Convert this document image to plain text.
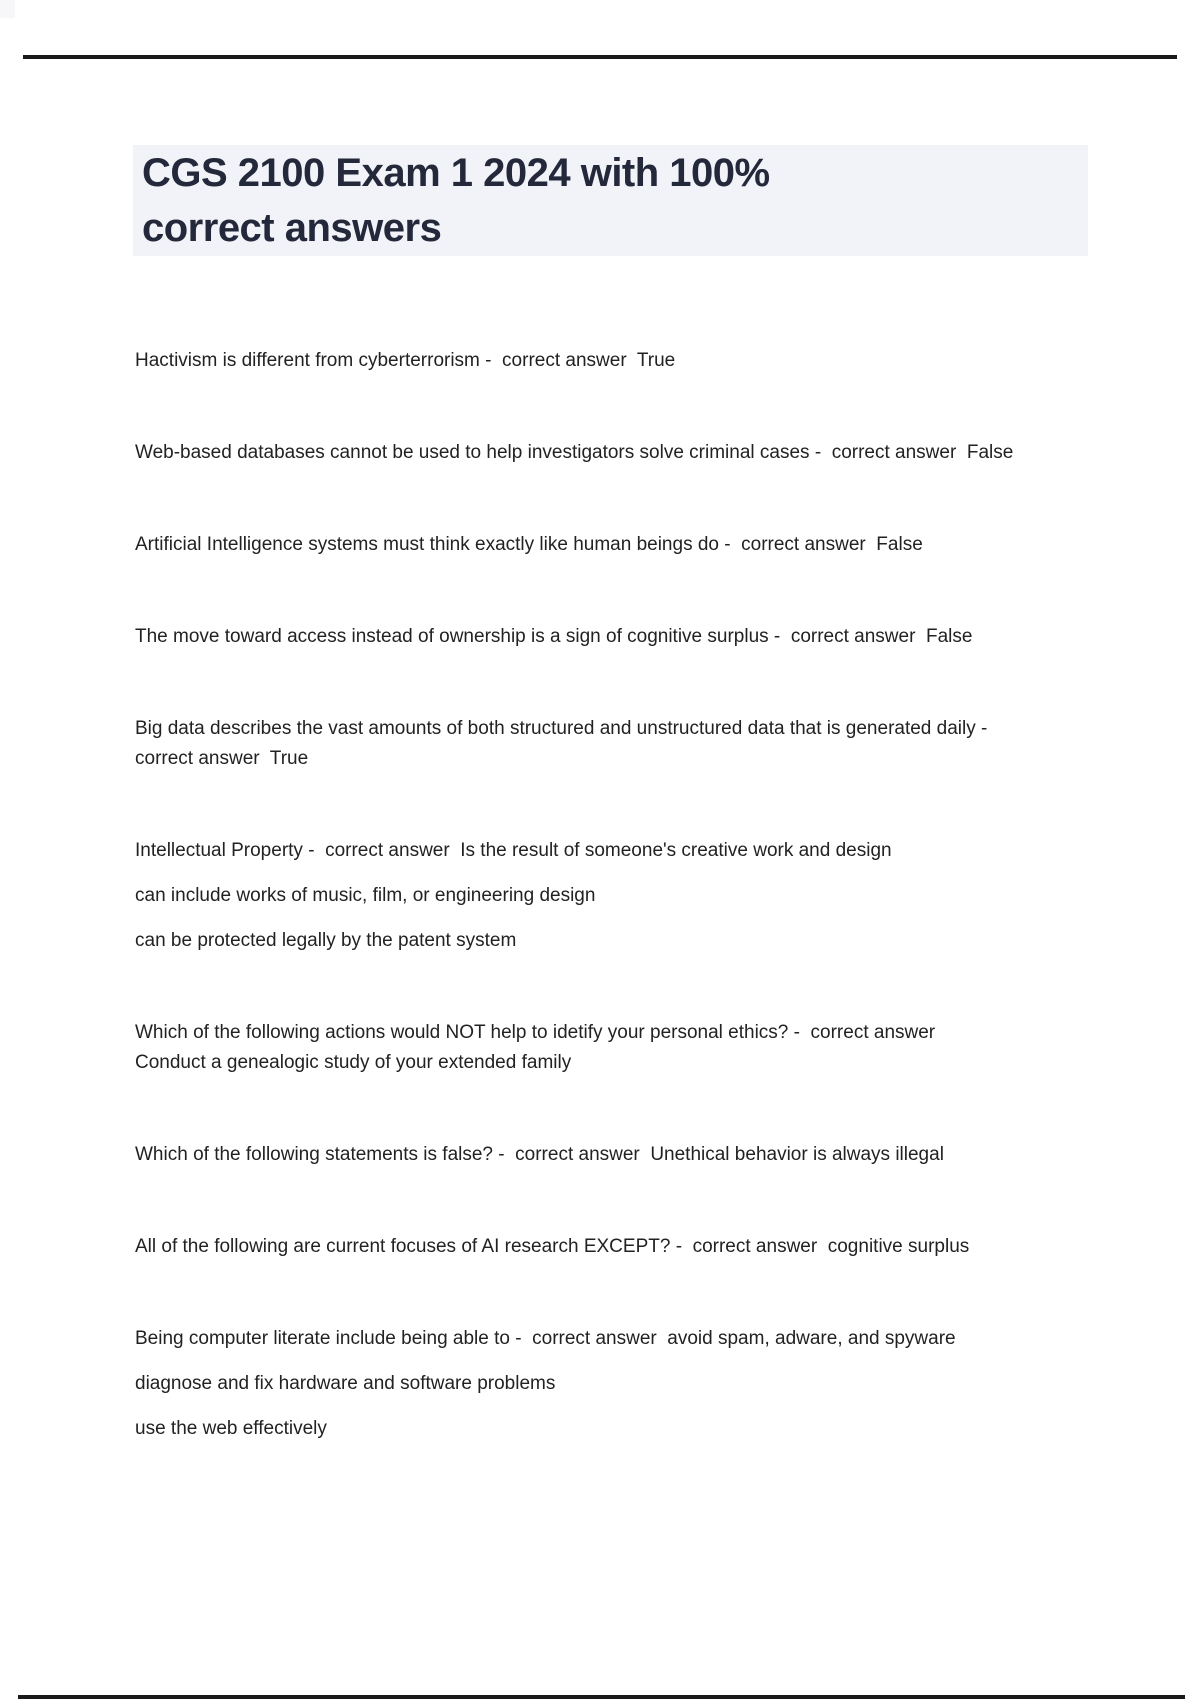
CGS 2100 Exam 1 2024 with 100%
correct answers

Hactivism is different from cyberterrorism -  correct answer  True

Web-based databases cannot be used to help investigators solve criminal cases -  correct answer  False

Artificial Intelligence systems must think exactly like human beings do -  correct answer  False

The move toward access instead of ownership is a sign of cognitive surplus -  correct answer  False

Big data describes the vast amounts of both structured and unstructured data that is generated daily -

correct answer  True

Intellectual Property -  correct answer  Is the result of someone's creative work and design

can include works of music, film, or engineering design

can be protected legally by the patent system

Which of the following actions would NOT help to idetify your personal ethics? -  correct answer

Conduct a genealogic study of your extended family

Which of the following statements is false? -  correct answer  Unethical behavior is always illegal

All of the following are current focuses of AI research EXCEPT? -  correct answer  cognitive surplus

Being computer literate include being able to -  correct answer  avoid spam, adware, and spyware

diagnose and fix hardware and software problems

use the web effectively
